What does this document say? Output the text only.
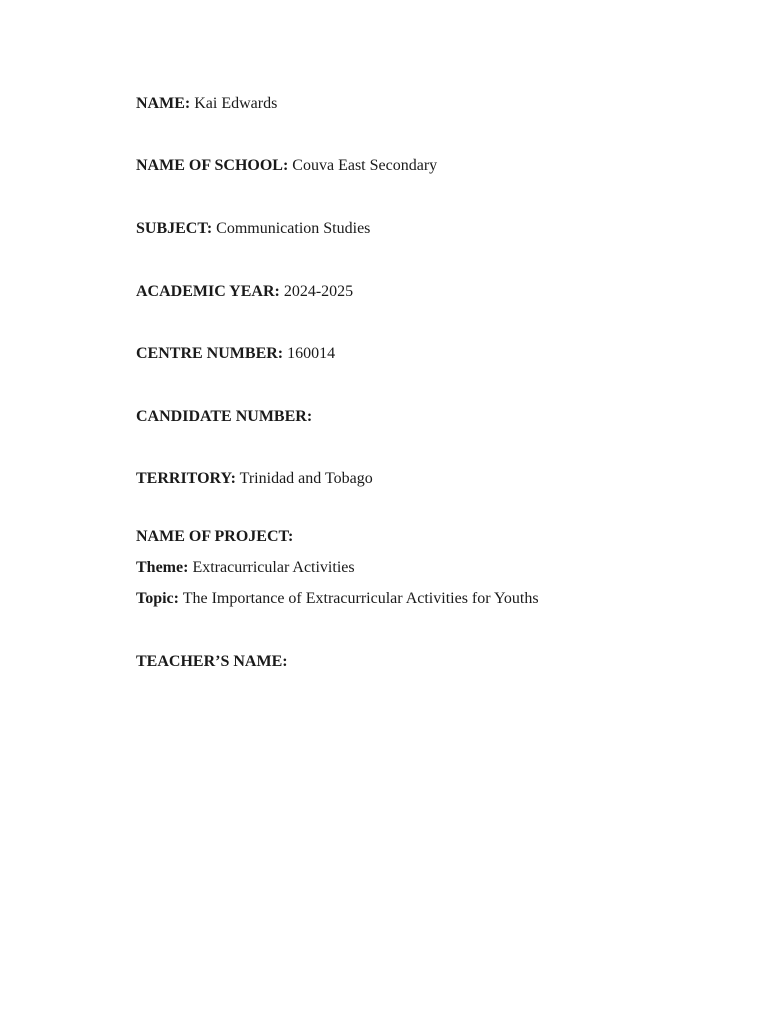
NAME: Kai Edwards
NAME OF SCHOOL: Couva East Secondary
SUBJECT: Communication Studies
ACADEMIC YEAR: 2024-2025
CENTRE NUMBER: 160014
CANDIDATE NUMBER:
TERRITORY: Trinidad and Tobago
NAME OF PROJECT:
Theme: Extracurricular Activities
Topic: The Importance of Extracurricular Activities for Youths
TEACHER’S NAME:
